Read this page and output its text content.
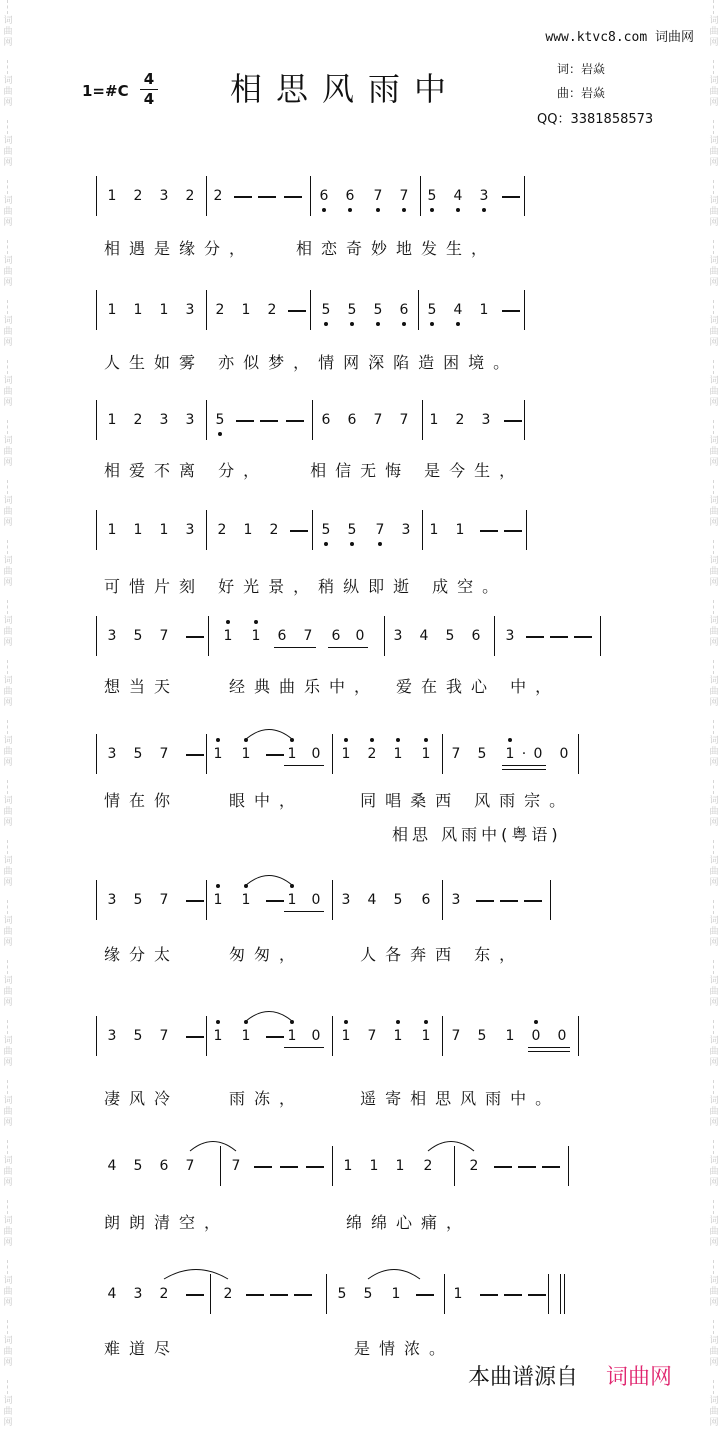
词
曲
网
词
曲
网
词
曲
网
词
曲
网
词
曲
网
词
曲
网
词
曲
网
词
曲
网
词
曲
网
词
曲
网
词
曲
网
词
曲
网
词
曲
网
词
曲
网
词
曲
网
词
曲
网
词
曲
网
词
曲
网
词
曲
网
词
曲
网
词
曲
网
词
曲
网
词
曲
网
词
曲
网
词
曲
网
词
曲
网
词
曲
网
词
曲
网
词
曲
网
词
曲
网
词
曲
网
词
曲
网
词
曲
网
词
曲
网
词
曲
网
词
曲
网
词
曲
网
词
曲
网
词
曲
网
词
曲
网
词
曲
网
词
曲
网
词
曲
网
词
曲
网
词
曲
网
词
曲
网
词
曲
网
词
曲
网
www.ktvc8.com 词曲网
1=#C
4
4 相思风雨中
词：岩焱
曲：岩焱
QQ：3381858573
1 2 3 2 2	6 6 7 7 5 4 3
相遇是缘分，　　相恋奇妙地发生，
1 1 1 3 2 1 2	5 5 5 6 5 4 1
人生如雾 亦似梦，情网深陷造困境。
1 2 3 3 5	6 6 7 7 1 2 3
相爱不离 分，　　相信无悔 是今生，
1 1 1 3 2 1 2	5 5 7 3 1 1
可惜片刻 好光景，稍纵即逝 成空。
3 5 7	1 1 6 7 6 0 3 4 5 6 3
想当天　　经典曲乐中，　爱在我心 中，
3 5 7	1 1	1 0 1 2 1 1 7 5 1 · 0 0
情在你　　眼中，　　 同唱桑西 风雨宗。
3 5 7	1 1	1 0 3 4 5 6 3
缘分太　　匆匆，　　 人各奔西 东，
3 5 7	1 1	1 0 1 7 1 1 7 5 1 0 0
凄风冷　　雨冻，　　 遥寄相思风雨中。
4 5 6 7	7	1 1 1 2	2
朗朗清空，　　　　　绵绵心痛，
4 3 2	2	5 5 1	1
难道尽　　　　　　　是情浓。
相思 风雨中(粤语)
本曲谱源自 词曲网
